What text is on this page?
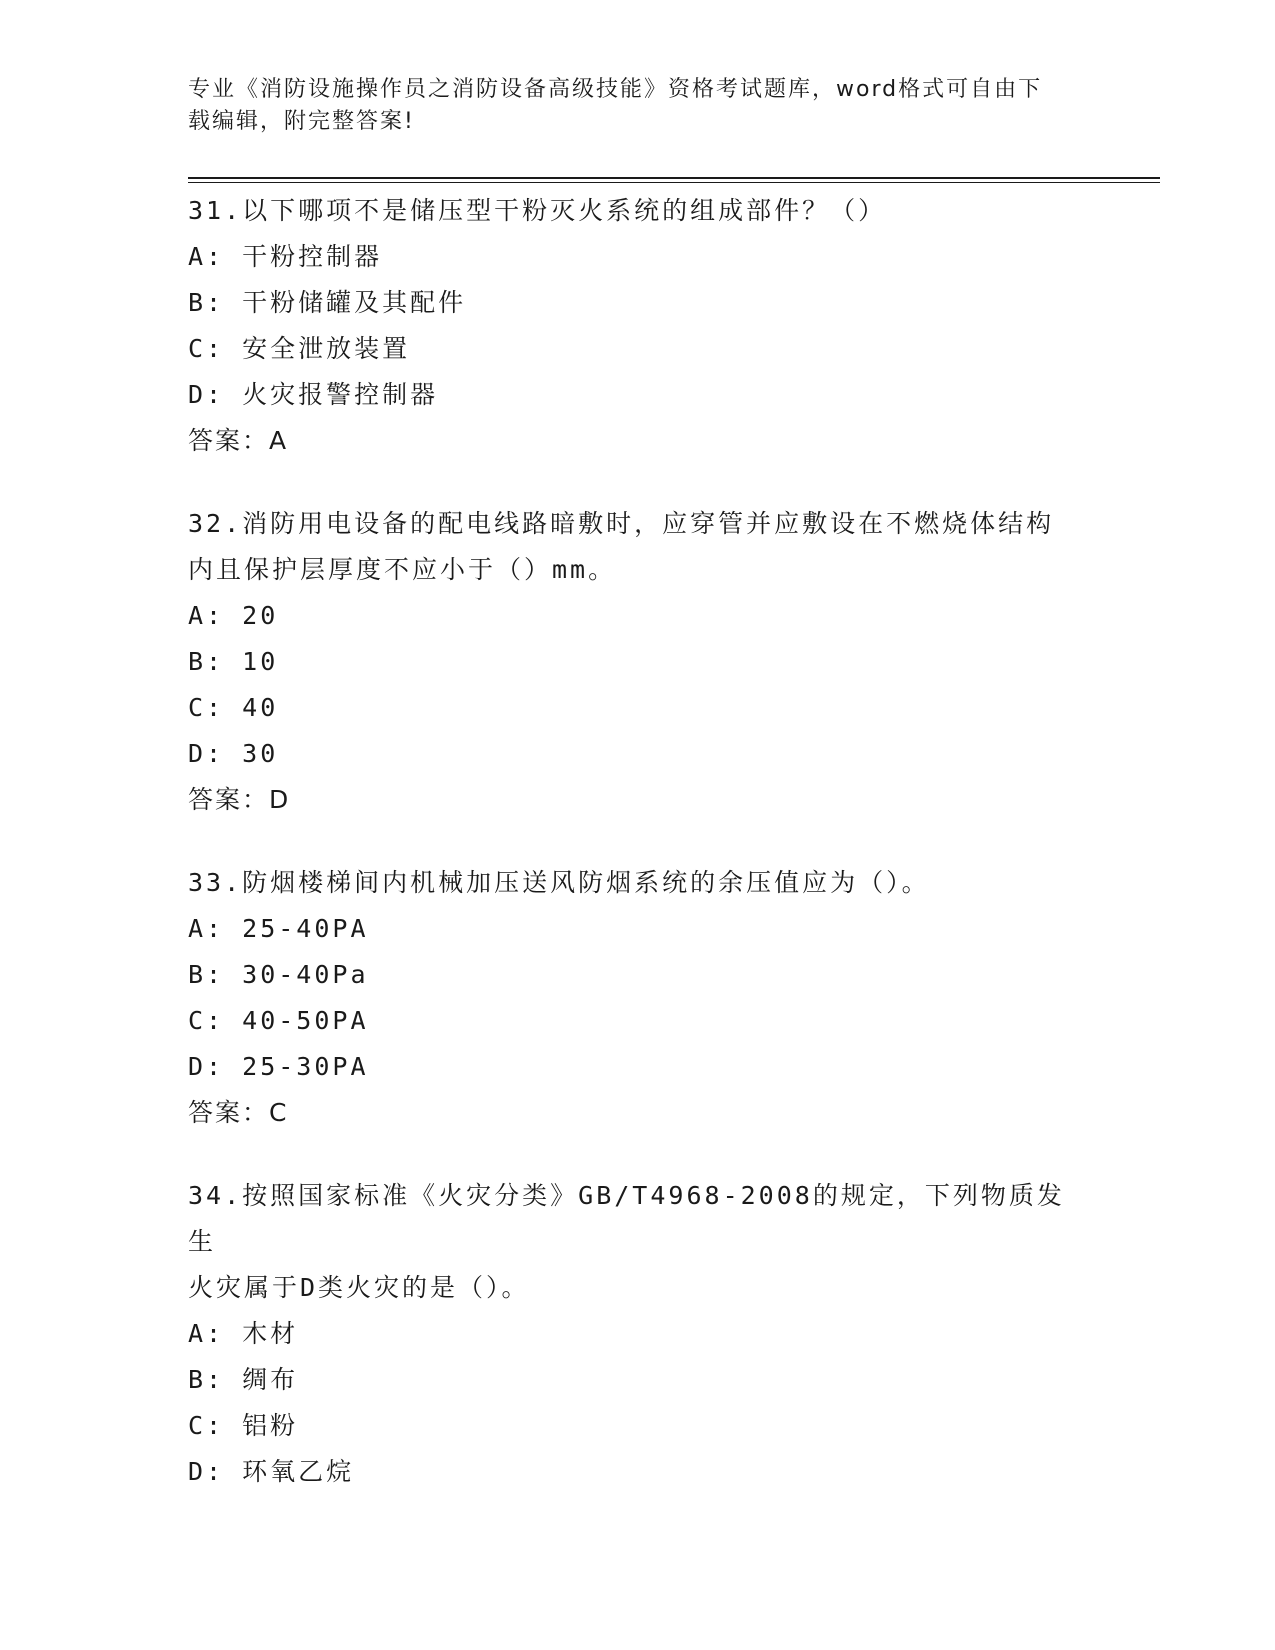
专业《消防设施操作员之消防设备高级技能》资格考试题库，word格式可自由下
载编辑，附完整答案!
31.以下哪项不是储压型干粉灭火系统的组成部件？（）
A: 干粉控制器
B: 干粉储罐及其配件
C: 安全泄放装置
D: 火灾报警控制器
答案：A
32.消防用电设备的配电线路暗敷时，应穿管并应敷设在不燃烧体结构
内且保护层厚度不应小于（）mm。
A: 20
B: 10
C: 40
D: 30
答案：D
33.防烟楼梯间内机械加压送风防烟系统的余压值应为（）。
A: 25-40PA
B: 30-40Pa
C: 40-50PA
D: 25-30PA
答案：C
34.按照国家标准《火灾分类》GB/T4968-2008的规定，下列物质发生
火灾属于D类火灾的是（）。
A: 木材
B: 绸布
C: 铝粉
D: 环氧乙烷
